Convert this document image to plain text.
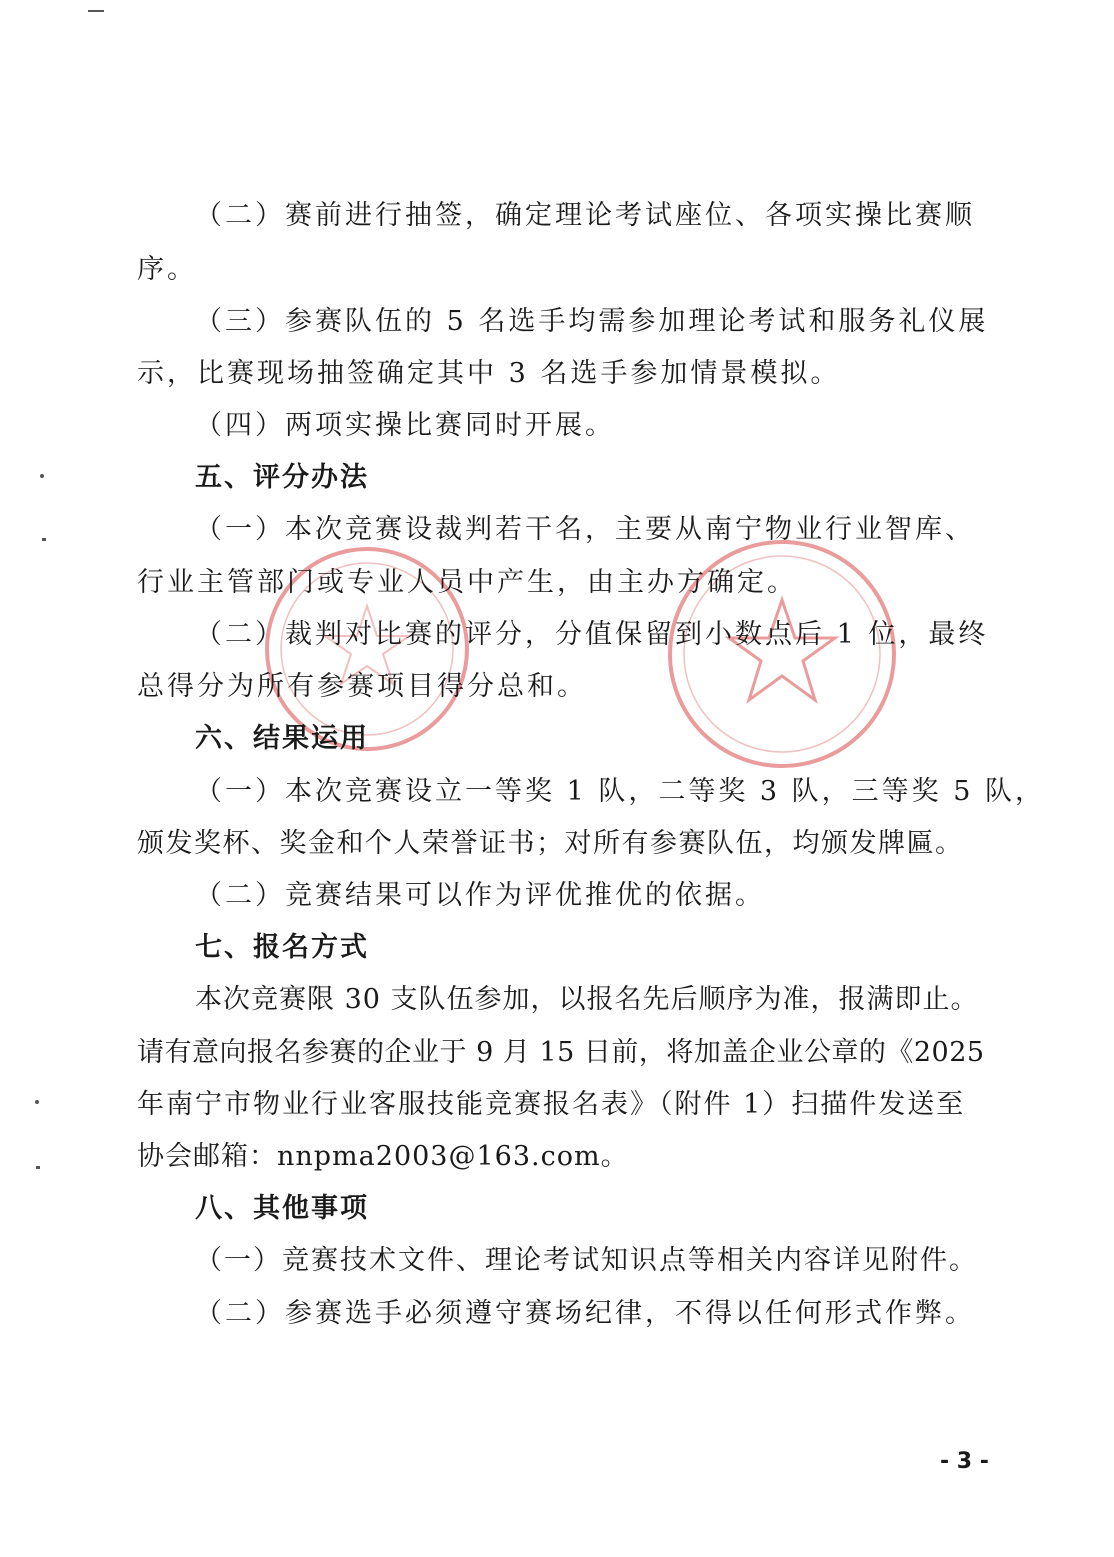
（二）赛前进行抽签，确定理论考试座位、各项实操比赛顺
序。
（三）参赛队伍的 5 名选手均需参加理论考试和服务礼仪展
示，比赛现场抽签确定其中 3 名选手参加情景模拟。
（四）两项实操比赛同时开展。
五、评分办法
（一）本次竞赛设裁判若干名，主要从南宁物业行业智库、
行业主管部门或专业人员中产生，由主办方确定。
（二）裁判对比赛的评分，分值保留到小数点后 1 位，最终
总得分为所有参赛项目得分总和。
六、结果运用
（一）本次竞赛设立一等奖 1 队，二等奖 3 队，三等奖 5 队，
颁发奖杯、奖金和个人荣誉证书；对所有参赛队伍，均颁发牌匾。
（二）竞赛结果可以作为评优推优的依据。
七、报名方式
本次竞赛限 30 支队伍参加，以报名先后顺序为准，报满即止。
请有意向报名参赛的企业于 9 月 15 日前，将加盖企业公章的《2025
年南宁市物业行业客服技能竞赛报名表》（附件 1）扫描件发送至
协会邮箱：nnpma2003@163.com。
八、其他事项
（一）竞赛技术文件、理论考试知识点等相关内容详见附件。
（二）参赛选手必须遵守赛场纪律，不得以任何形式作弊。
- 3 -
